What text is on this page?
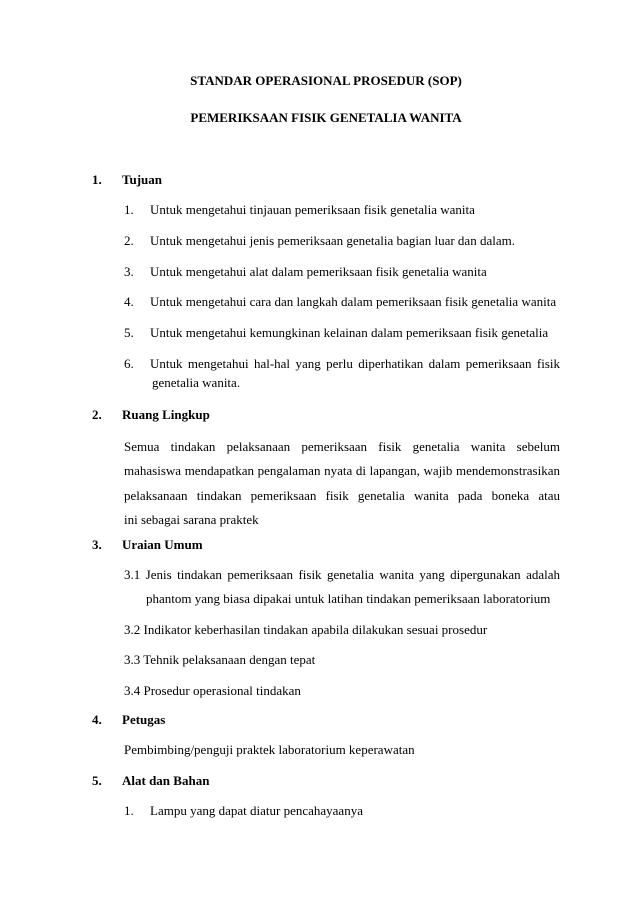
STANDAR OPERASIONAL PROSEDUR (SOP)
PEMERIKSAAN FISIK GENETALIA WANITA
1. Tujuan
1. Untuk mengetahui tinjauan pemeriksaan fisik genetalia wanita
2. Untuk mengetahui jenis pemeriksaan genetalia bagian luar dan dalam.
3. Untuk mengetahui alat dalam pemeriksaan fisik genetalia wanita
4. Untuk mengetahui cara dan langkah dalam pemeriksaan fisik genetalia wanita
5. Untuk mengetahui kemungkinan kelainan dalam pemeriksaan fisik genetalia
6. Untuk mengetahui hal-hal yang perlu diperhatikan dalam pemeriksaan fisik
genetalia wanita.
2. Ruang Lingkup
Semua tindakan pelaksanaan pemeriksaan fisik genetalia wanita sebelum
mahasiswa mendapatkan pengalaman nyata di lapangan, wajib mendemonstrasikan
pelaksanaan tindakan pemeriksaan fisik genetalia wanita pada boneka atau
ini sebagai sarana praktek
3. Uraian Umum
3.1 Jenis tindakan pemeriksaan fisik genetalia wanita yang dipergunakan adalah
phantom yang biasa dipakai untuk latihan tindakan pemeriksaan laboratorium
3.2 Indikator keberhasilan tindakan apabila dilakukan sesuai prosedur
3.3 Tehnik pelaksanaan dengan tepat
3.4 Prosedur operasional tindakan
4. Petugas
Pembimbing/penguji praktek laboratorium keperawatan
5. Alat dan Bahan
1. Lampu yang dapat diatur pencahayaanya
